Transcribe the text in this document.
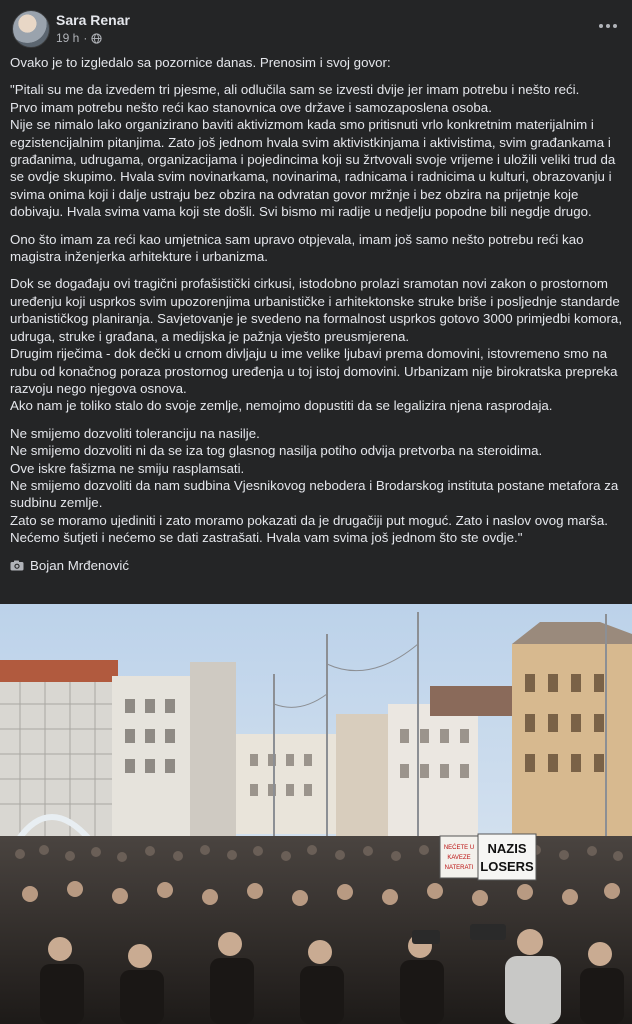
Sara Renar
19 h ·

Ovako je to izgledalo sa pozornice danas. Prenosim i svoj govor:

"Pitali su me da izvedem tri pjesme, ali odlučila sam se izvesti dvije jer imam potrebu i nešto reći.
Prvo imam potrebu nešto reći kao stanovnica ove države i samozaposlena osoba.
Nije se nimalo lako organizirano baviti aktivizmom kada smo pritisnuti vrlo konkretnim materijalnim i egzistencijalnim pitanjima. Zato još jednom hvala svim aktivistkinjama i aktivistima, svim građankama i građanima, udrugama, organizacijama i pojedincima koji su žrtvovali svoje vrijeme i uložili veliki trud da se ovdje skupimo. Hvala svim novinarkama, novinarima, radnicama i radnicima u kulturi, obrazovanju i svima onima koji i dalje ustraju bez obzira na odvratan govor mržnje i bez obzira na prijetnje koje dobivaju. Hvala svima vama koji ste došli. Svi bismo mi radije u nedjelju popodne bili negdje drugo.

Ono što imam za reći kao umjetnica sam upravo otpjevala, imam još samo nešto potrebu reći kao magistra inženjerka arhitekture i urbanizma.

Dok se događaju ovi tragični profašistički cirkusi, istodobno prolazi sramotan novi zakon o prostornom uređenju koji usprkos svim upozorenjima urbanističke i arhitektonske struke briše i posljednje standarde urbanističkog planiranja. Savjetovanje je svedeno na formalnost usprkos gotovo 3000 primjedbi komora, udruga, struke i građana, a medijska je pažnja vješto preusmjerena.
Drugim riječima - dok dečki u crnom divljaju u ime velike ljubavi prema domovini, istovremeno smo na rubu od konačnog poraza prostornog uređenja u toj istoj domovini. Urbanizam nije birokratska prepreka razvoju nego njegova osnova.
Ako nam je toliko stalo do svoje zemlje, nemojmo dopustiti da se legalizira njena rasprodaja.

Ne smijemo dozvoliti toleranciju na nasilje.
Ne smijemo dozvoliti ni da se iza tog glasnog nasilja potiho odvija pretvorba na steroidima.
Ove iskre fašizma ne smiju rasplamsati.
Ne smijemo dozvoliti da nam sudbina Vjesnikovog nebodera i Brodarskog instituta postane metafora za sudbinu zemlje.
Zato se moramo ujediniti i zato moramo pokazati da je drugačiji put moguć. Zato i naslov ovog marša. Nećemo šutjeti i nećemo se dati zastrašati. Hvala vam svima još jednom što ste ovdje."

Bojan Mrđenović
NEĆETE U
KAVEZE
NATERATI
NAZIS
LOSERS
